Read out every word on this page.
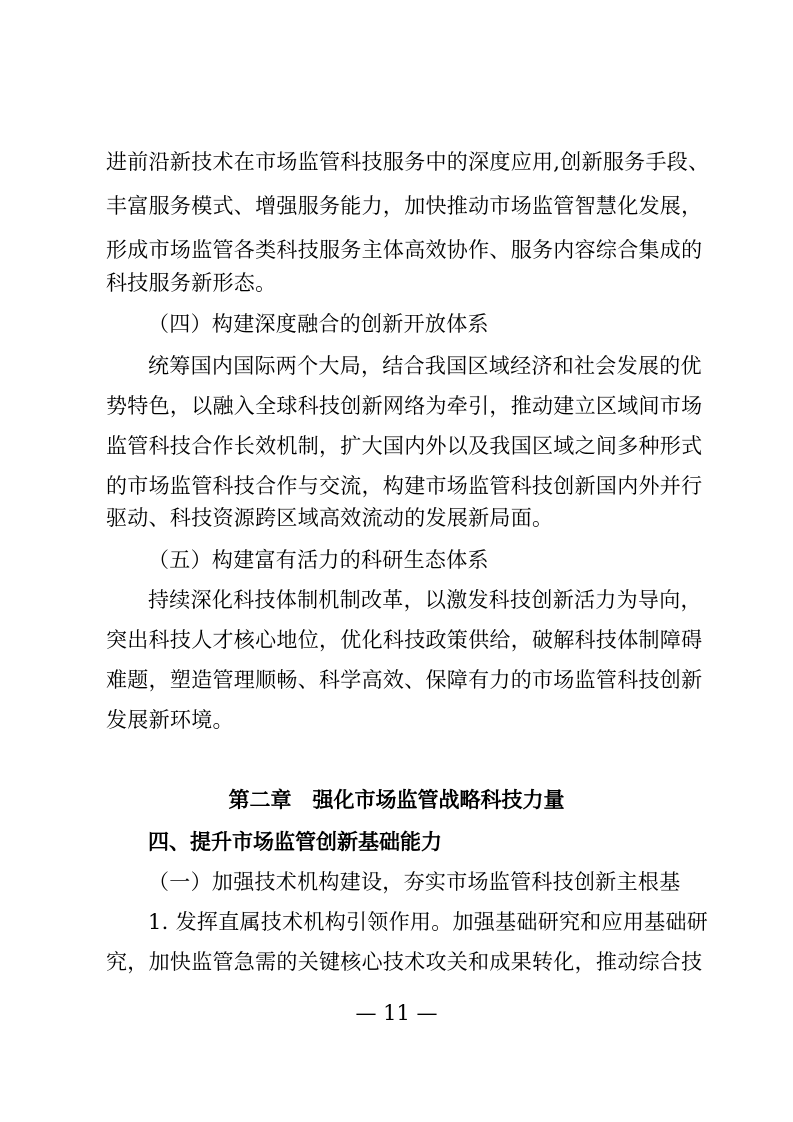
进前沿新技术在市场监管科技服务中的深度应用,创新服务手段、
丰富服务模式、增强服务能力，加快推动市场监管智慧化发展，
形成市场监管各类科技服务主体高效协作、服务内容综合集成的
科技服务新形态。
（四）构建深度融合的创新开放体系
统筹国内国际两个大局，结合我国区域经济和社会发展的优
势特色，以融入全球科技创新网络为牵引，推动建立区域间市场
监管科技合作长效机制，扩大国内外以及我国区域之间多种形式
的市场监管科技合作与交流，构建市场监管科技创新国内外并行
驱动、科技资源跨区域高效流动的发展新局面。
（五）构建富有活力的科研生态体系
持续深化科技体制机制改革，以激发科技创新活力为导向，
突出科技人才核心地位，优化科技政策供给，破解科技体制障碍
难题，塑造管理顺畅、科学高效、保障有力的市场监管科技创新
发展新环境。
第二章　强化市场监管战略科技力量
四、提升市场监管创新基础能力
（一）加强技术机构建设，夯实市场监管科技创新主根基
1. 发挥直属技术机构引领作用。加强基础研究和应用基础研
究，加快监管急需的关键核心技术攻关和成果转化，推动综合技
— 11 —
